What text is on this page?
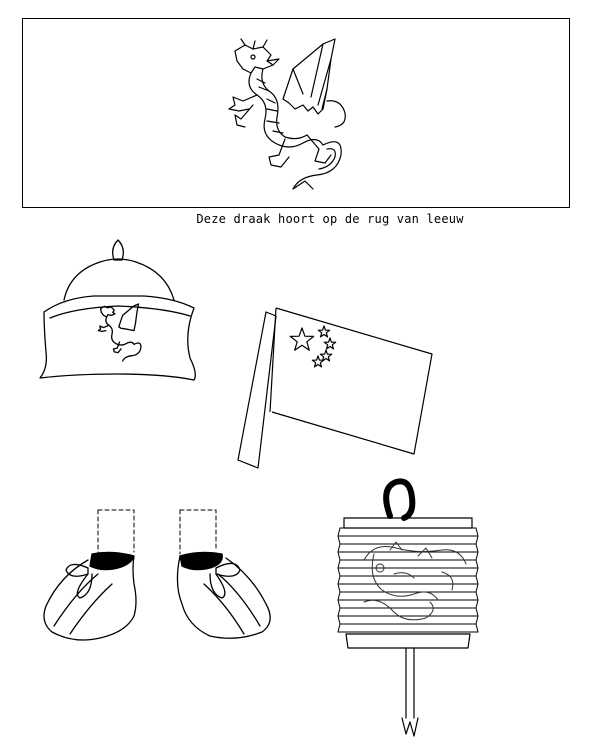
Deze draak hoort op de rug van leeuw
